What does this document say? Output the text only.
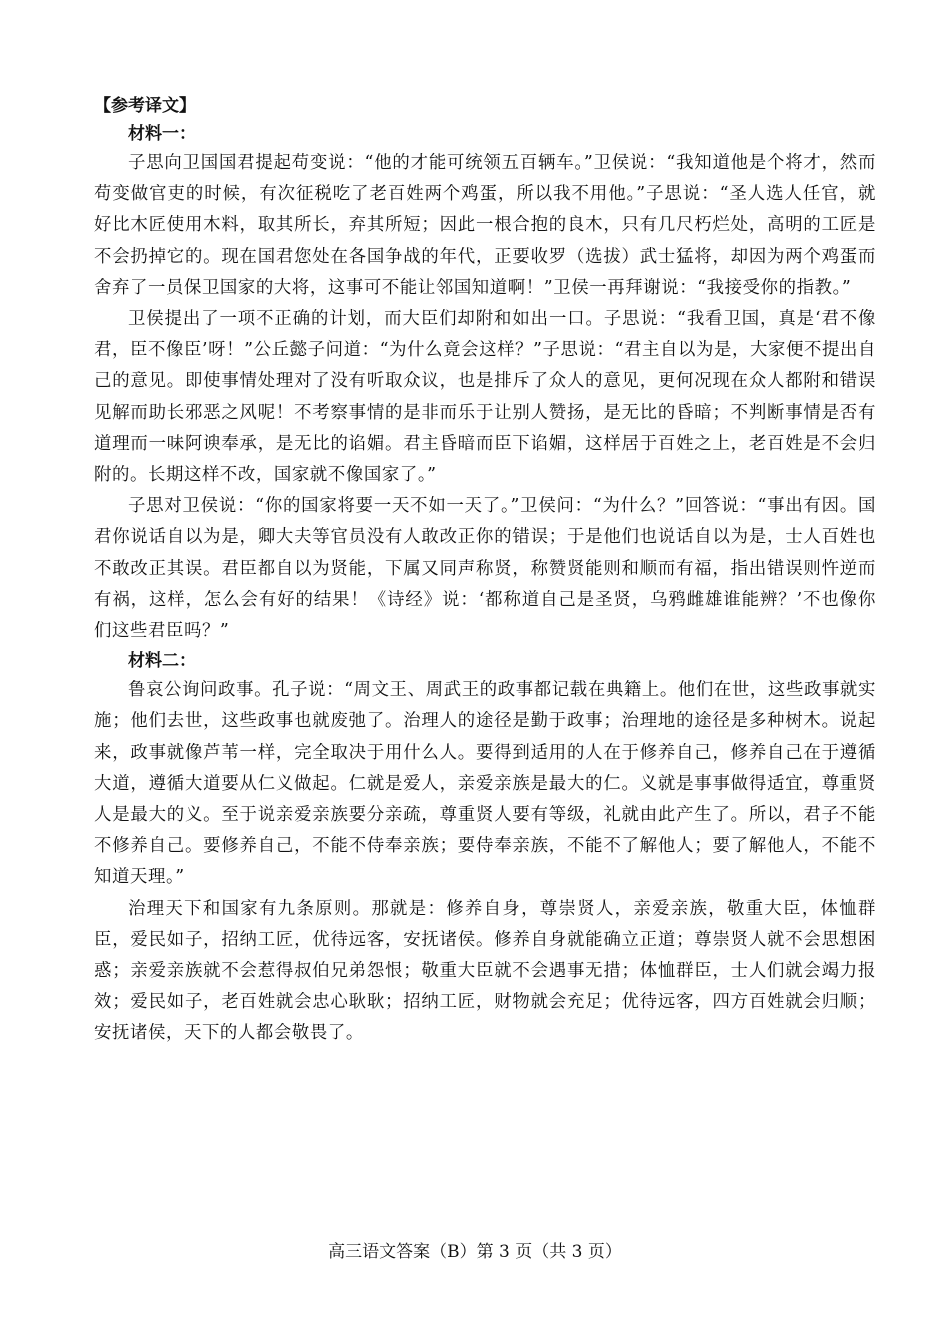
【参考译文】

材料一：

子思向卫国国君提起苟变说：“他的才能可统领五百辆车。”卫侯说：“我知道他是个将才，然而苟变做官吏的时候，有次征税吃了老百姓两个鸡蛋，所以我不用他。”子思说：“圣人选人任官，就好比木匠使用木料，取其所长，弃其所短；因此一根合抱的良木，只有几尺朽烂处，高明的工匠是不会扔掉它的。现在国君您处在各国争战的年代，正要收罗（选拔）武士猛将，却因为两个鸡蛋而舍弃了一员保卫国家的大将，这事可不能让邻国知道啊！”卫侯一再拜谢说：“我接受你的指教。”

卫侯提出了一项不正确的计划，而大臣们却附和如出一口。子思说：“我看卫国，真是‘君不像君，臣不像臣’呀！”公丘懿子问道：“为什么竟会这样？”子思说：“君主自以为是，大家便不提出自己的意见。即使事情处理对了没有听取众议，也是排斥了众人的意见，更何况现在众人都附和错误见解而助长邪恶之风呢！不考察事情的是非而乐于让别人赞扬，是无比的昏暗；不判断事情是否有道理而一味阿谀奉承，是无比的谄媚。君主昏暗而臣下谄媚，这样居于百姓之上，老百姓是不会归附的。长期这样不改，国家就不像国家了。”

子思对卫侯说：“你的国家将要一天不如一天了。”卫侯问：“为什么？”回答说：“事出有因。国君你说话自以为是，卿大夫等官员没有人敢改正你的错误；于是他们也说话自以为是，士人百姓也不敢改正其误。君臣都自以为贤能，下属又同声称贤，称赞贤能则和顺而有福，指出错误则忤逆而有祸，这样，怎么会有好的结果！《诗经》说：‘都称道自己是圣贤，乌鸦雌雄谁能辨？’不也像你们这些君臣吗？”

材料二：

鲁哀公询问政事。孔子说：“周文王、周武王的政事都记载在典籍上。他们在世，这些政事就实施；他们去世，这些政事也就废弛了。治理人的途径是勤于政事；治理地的途径是多种树木。说起来，政事就像芦苇一样，完全取决于用什么人。要得到适用的人在于修养自己，修养自己在于遵循大道，遵循大道要从仁义做起。仁就是爱人，亲爱亲族是最大的仁。义就是事事做得适宜，尊重贤人是最大的义。至于说亲爱亲族要分亲疏，尊重贤人要有等级，礼就由此产生了。所以，君子不能不修养自己。要修养自己，不能不侍奉亲族；要侍奉亲族，不能不了解他人；要了解他人，不能不知道天理。”

治理天下和国家有九条原则。那就是：修养自身，尊崇贤人，亲爱亲族，敬重大臣，体恤群臣，爱民如子，招纳工匠，优待远客，安抚诸侯。修养自身就能确立正道；尊崇贤人就不会思想困惑；亲爱亲族就不会惹得叔伯兄弟怨恨；敬重大臣就不会遇事无措；体恤群臣，士人们就会竭力报效；爱民如子，老百姓就会忠心耿耿；招纳工匠，财物就会充足；优待远客，四方百姓就会归顺；安抚诸侯，天下的人都会敬畏了。

高三语文答案（B）第 3 页（共 3 页）
